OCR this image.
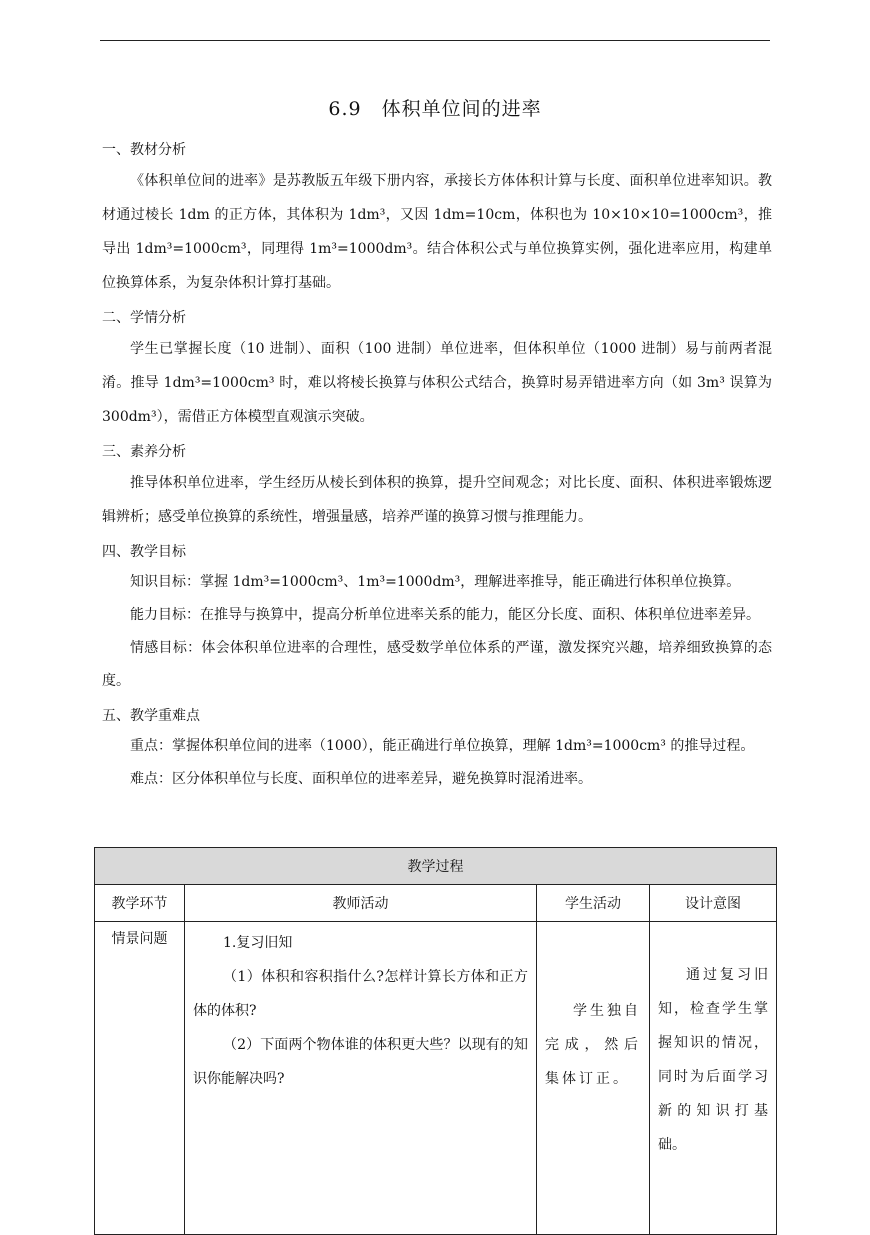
6.9　体积单位间的进率
一、教材分析

《体积单位间的进率》是苏教版五年级下册内容，承接长方体体积计算与长度、面积单位进率知识。教材通过棱长 1dm 的正方体，其体积为 1dm³，又因 1dm=10cm，体积也为 10×10×10=1000cm³，推导出 1dm³=1000cm³，同理得 1m³=1000dm³。结合体积公式与单位换算实例，强化进率应用，构建单位换算体系，为复杂体积计算打基础。

二、学情分析

学生已掌握长度（10 进制）、面积（100 进制）单位进率，但体积单位（1000 进制）易与前两者混淆。推导 1dm³=1000cm³ 时，难以将棱长换算与体积公式结合，换算时易弄错进率方向（如 3m³ 误算为 300dm³），需借正方体模型直观演示突破。

三、素养分析

推导体积单位进率，学生经历从棱长到体积的换算，提升空间观念；对比长度、面积、体积进率锻炼逻辑辨析；感受单位换算的系统性，增强量感，培养严谨的换算习惯与推理能力。

四、教学目标

知识目标：掌握 1dm³=1000cm³、1m³=1000dm³，理解进率推导，能正确进行体积单位换算。

能力目标：在推导与换算中，提高分析单位进率关系的能力，能区分长度、面积、体积单位进率差异。

情感目标：体会体积单位进率的合理性，感受数学单位体系的严谨，激发探究兴趣，培养细致换算的态度。

五、教学重难点

重点：掌握体积单位间的进率（1000），能正确进行单位换算，理解 1dm³=1000cm³ 的推导过程。

难点：区分体积单位与长度、面积单位的进率差异，避免换算时混淆进率。

教学过程			
教学环节	教师活动	学生活动	设计意图
情景问题	1.复习旧知

（1）体积和容积指什么?怎样计算长方体和正方体的体积?

（2）下面两个物体谁的体积更大些？以现有的知识你能解决吗?	学生独自完成，然后集体订正。	通过复习旧知，检查学生掌握知识的情况，同时为后面学习新的知识打基础。
